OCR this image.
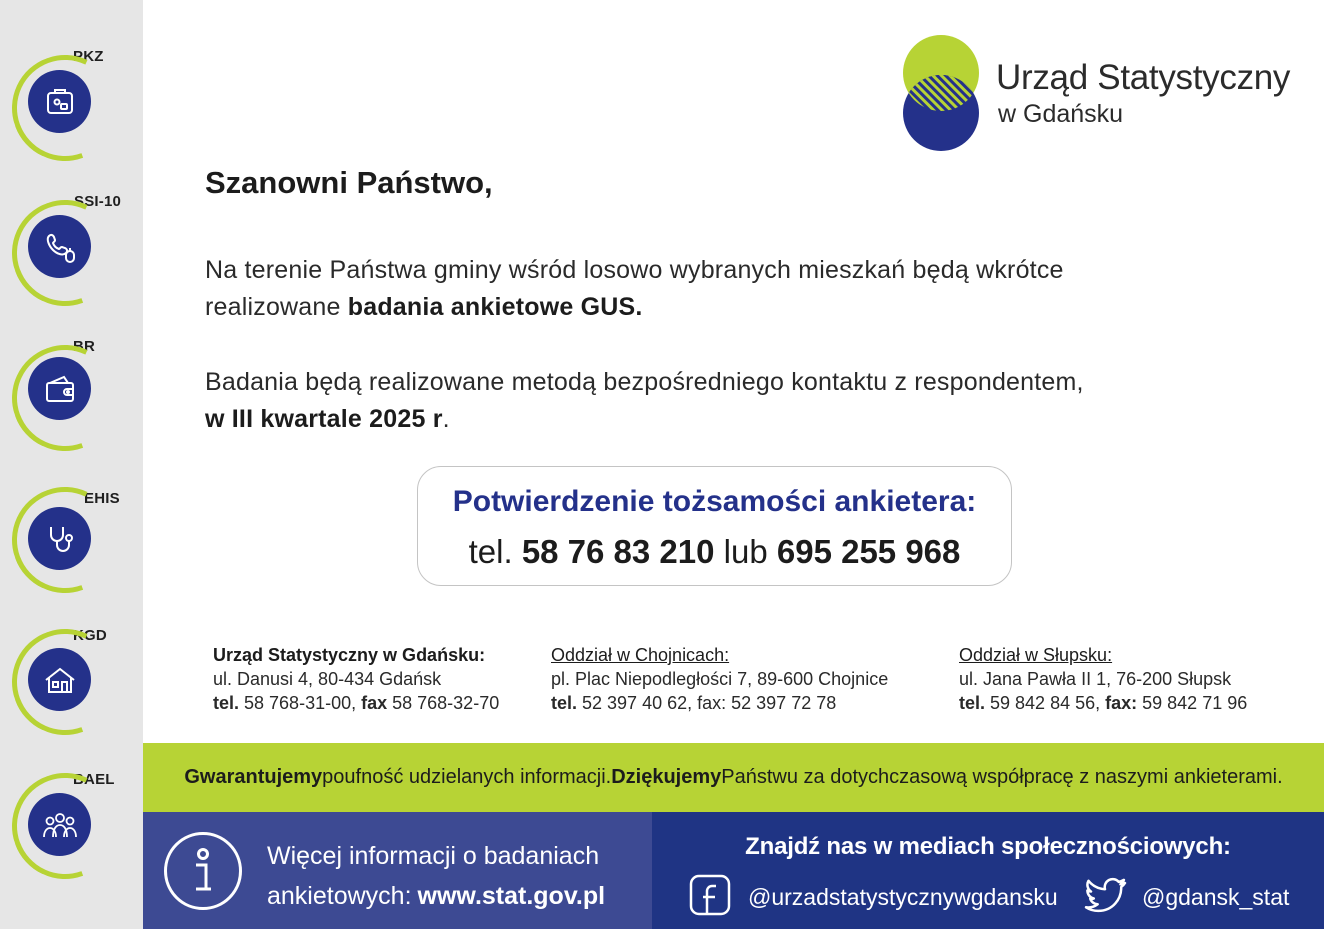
PKZ
SSI-10
BR
EHIS
KGD
BAEL
Urząd Statystyczny
w Gdańsku
Szanowni Państwo,
Na terenie Państwa gminy wśród losowo wybranych mieszkań będą wkrótce
realizowane badania ankietowe GUS.
Badania będą realizowane metodą bezpośredniego kontaktu z respondentem,
w III kwartale 2025 r.
Potwierdzenie tożsamości ankietera:
tel. 58 76 83 210 lub 695 255 968
Urząd Statystyczny w Gdańsku:
ul. Danusi 4, 80-434 Gdańsk
tel. 58 768-31-00, fax 58 768-32-70
Oddział w Chojnicach:
pl. Plac Niepodległości 7, 89-600 Chojnice
tel. 52 397 40 62, fax: 52 397 72 78
Oddział w Słupsku:
ul. Jana Pawła II 1, 76-200 Słupsk
tel. 59 842 84 56, fax: 59 842 71 96
Gwarantujemy poufność udzielanych informacji. Dziękujemy Państwu za dotychczasową współpracę z naszymi ankieterami.
Więcej informacji o badaniach
ankietowych: www.stat.gov.pl
Znajdź nas w mediach społecznościowych:
@urzadstatystycznywgdansku	@gdansk_stat
